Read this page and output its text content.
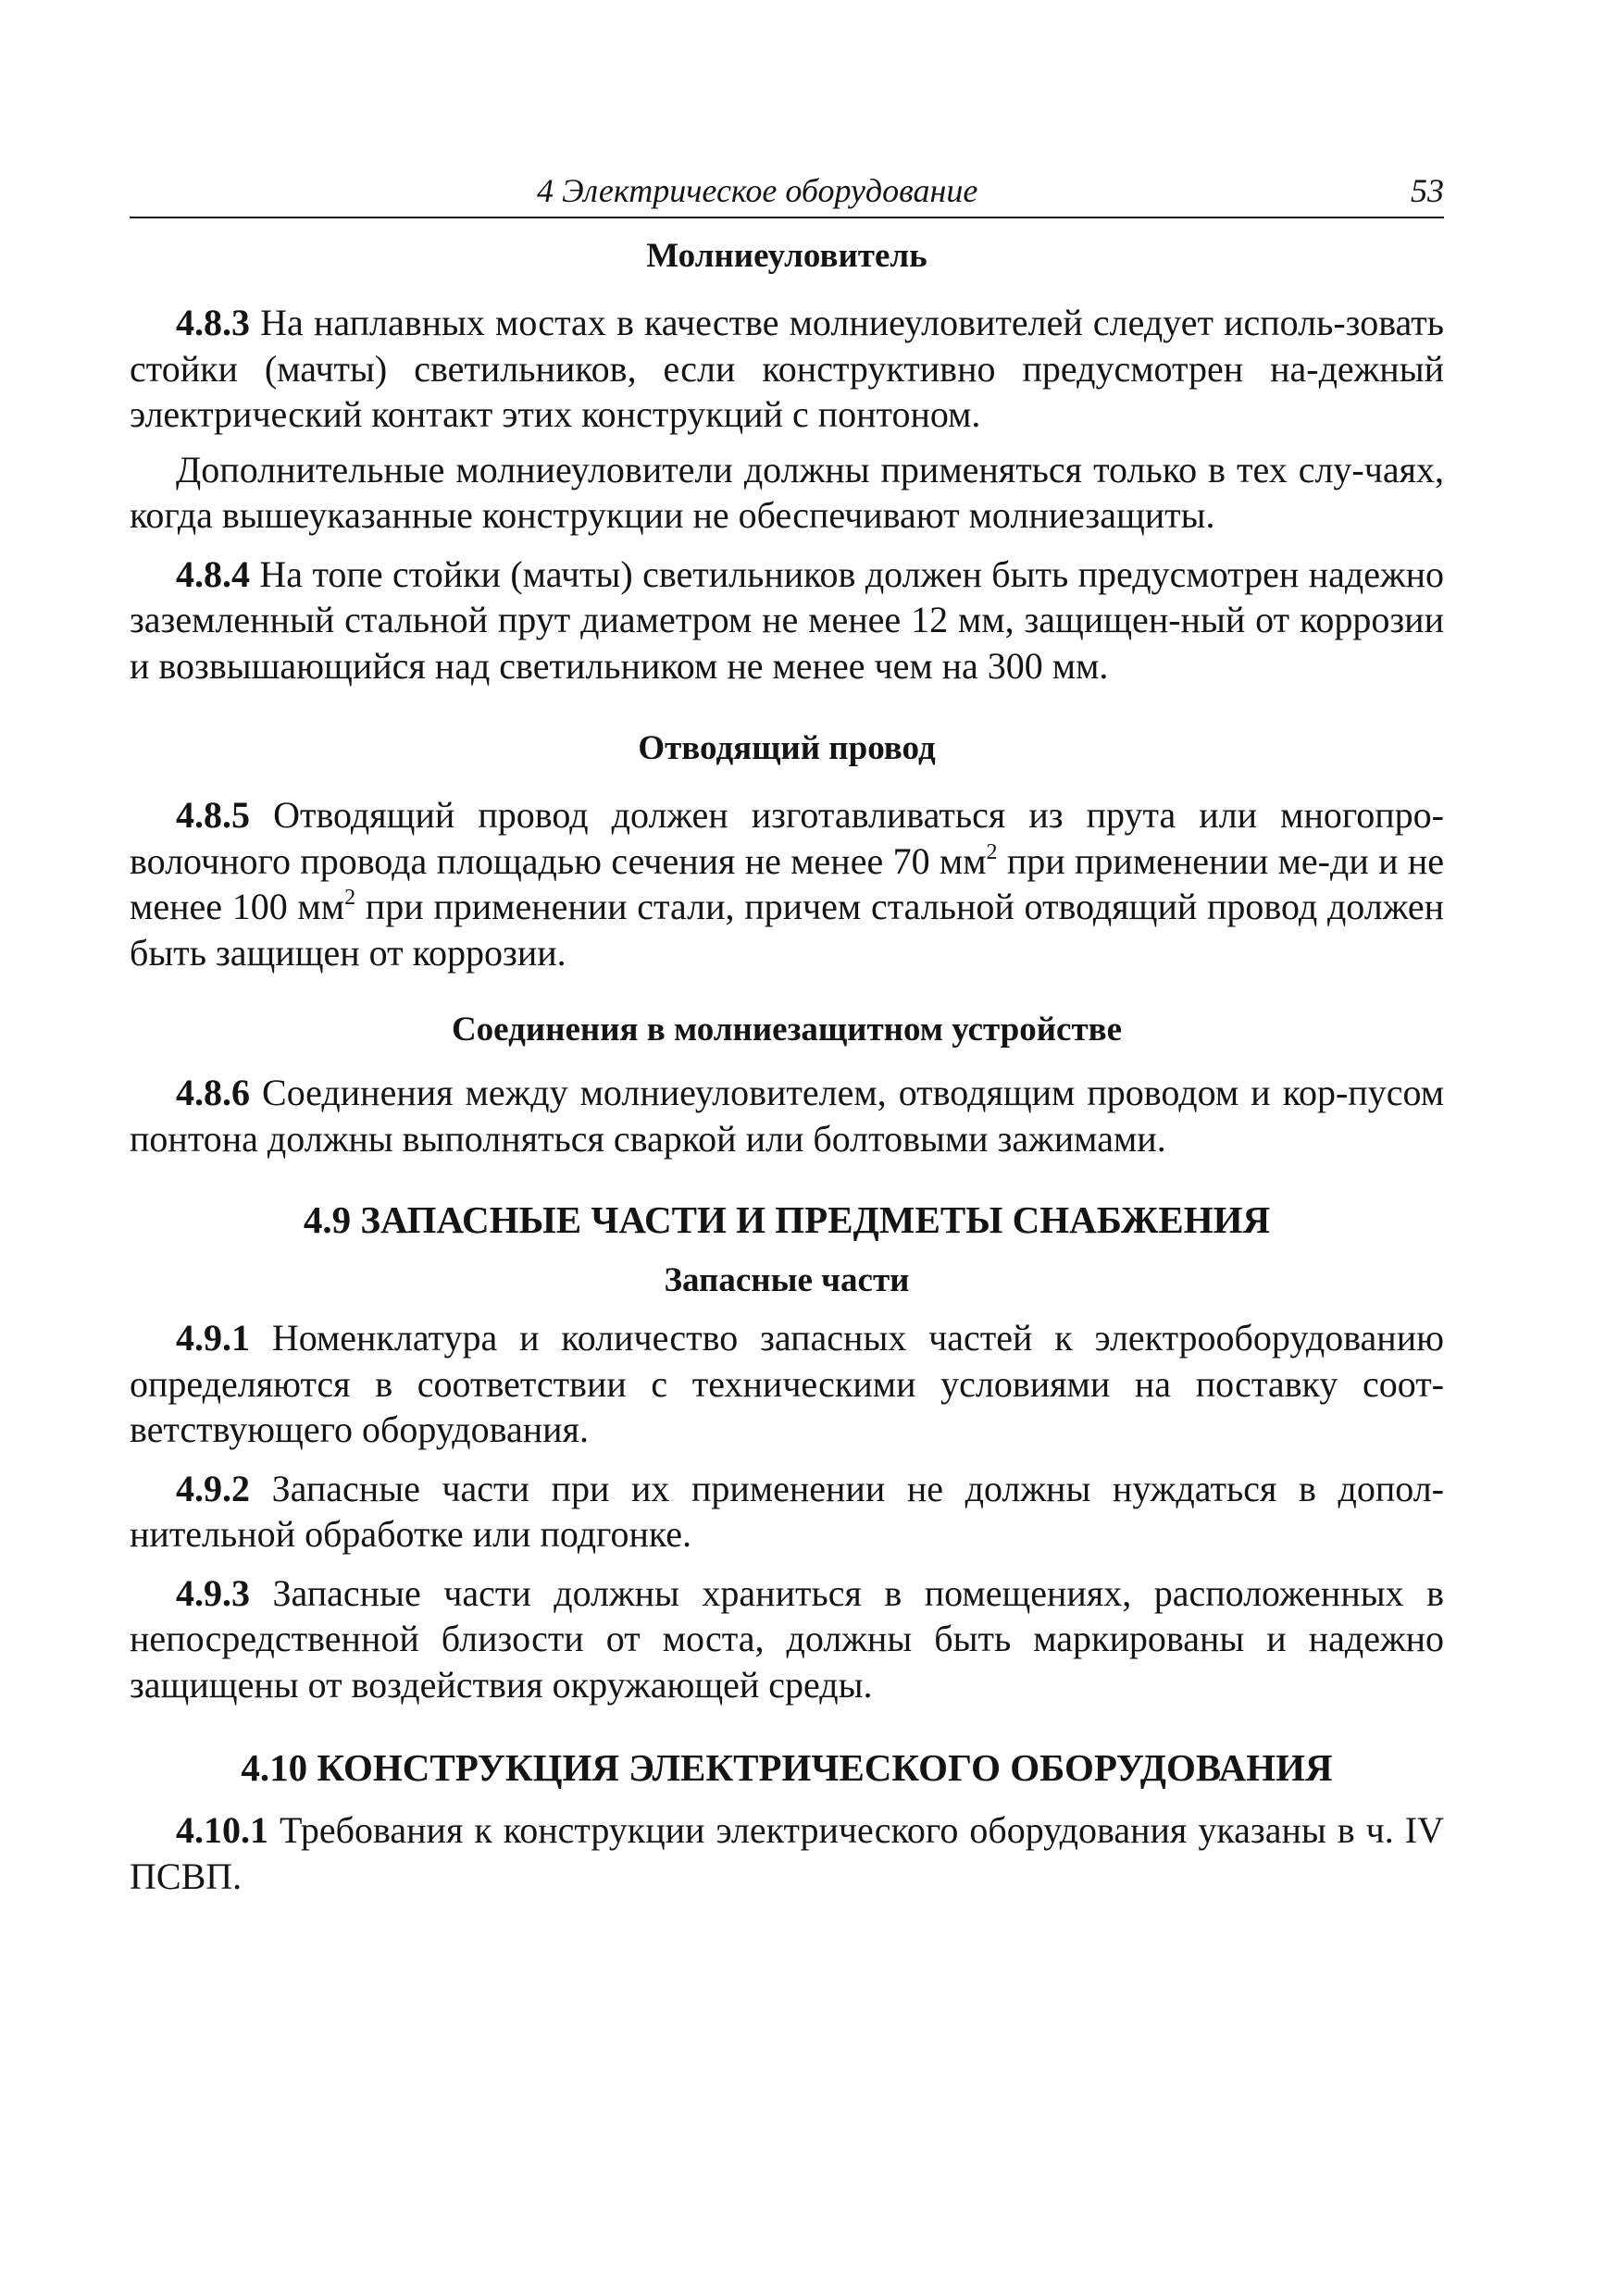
4 Электрическое оборудование	53
Молниеуловитель

4.8.3 На наплавных мостах в качестве молниеуловителей следует исполь-зовать стойки (мачты) светильников, если конструктивно предусмотрен на-дежный электрический контакт этих конструкций с понтоном.

Дополнительные молниеуловители должны применяться только в тех слу-чаях, когда вышеуказанные конструкции не обеспечивают молниезащиты.

4.8.4 На топе стойки (мачты) светильников должен быть предусмотрен надежно заземленный стальной прут диаметром не менее 12 мм, защищен-ный от коррозии и возвышающийся над светильником не менее чем на 300 мм.

Отводящий провод

4.8.5 Отводящий провод должен изготавливаться из прута или многопро-волочного провода площадью сечения не менее 70 $мм^2$ при применении ме-ди и не менее 100 $мм^2$ при применении стали, причем стальной отводящий провод должен быть защищен от коррозии.

Соединения в молниезащитном устройстве

4.8.6 Соединения между молниеуловителем, отводящим проводом и кор-пусом понтона должны выполняться сваркой или болтовыми зажимами.

4.9 ЗАПАСНЫЕ ЧАСТИ И ПРЕДМЕТЫ СНАБЖЕНИЯ
Запасные части

4.9.1 Номенклатура и количество запасных частей к электрооборудованию определяются в соответствии с техническими условиями на поставку соот-ветствующего оборудования.

4.9.2 Запасные части при их применении не должны нуждаться в допол-нительной обработке или подгонке.

4.9.3 Запасные части должны храниться в помещениях, расположенных в непосредственной близости от моста, должны быть маркированы и надежно защищены от воздействия окружающей среды.

4.10 КОНСТРУКЦИЯ ЭЛЕКТРИЧЕСКОГО ОБОРУДОВАНИЯ

4.10.1 Требования к конструкции электрического оборудования указаны в ч. IV ПСВП.
